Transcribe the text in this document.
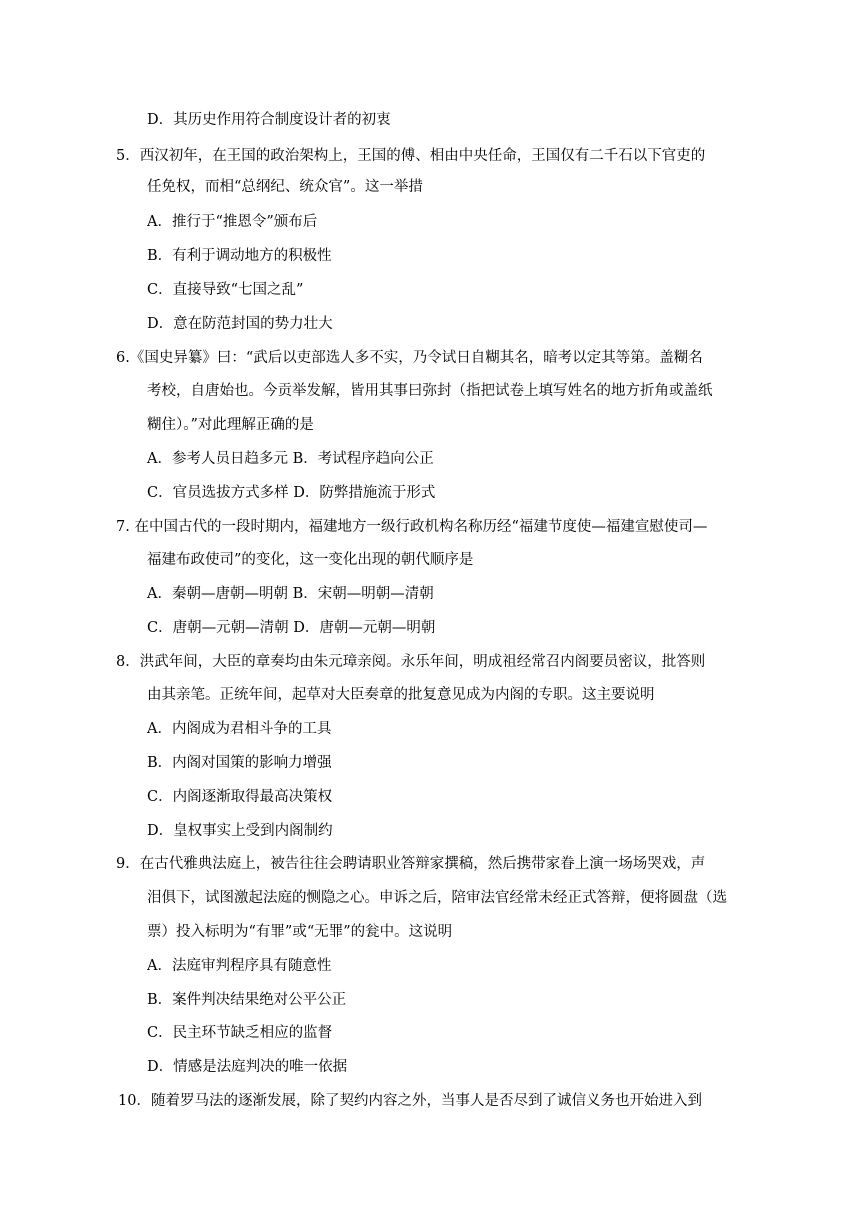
D．其历史作用符合制度设计者的初衷
5．西汉初年，在王国的政治架构上，王国的傅、相由中央任命，王国仅有二千石以下官吏的
任免权，而相“总纲纪、统众官”。这一举措
A．推行于“推恩令”颁布后
B．有利于调动地方的积极性
C．直接导致“七国之乱”
D．意在防范封国的势力壮大
6.《国史异纂》曰：“武后以吏部选人多不实，乃令试日自糊其名，暗考以定其等第。盖糊名
考校，自唐始也。今贡举发解，皆用其事曰弥封（指把试卷上填写姓名的地方折角或盖纸
糊住）。”对此理解正确的是
A．参考人员日趋多元 B．考试程序趋向公正
C．官员选拔方式多样 D．防弊措施流于形式
7. 在中国古代的一段时期内，福建地方一级行政机构名称历经“福建节度使—福建宣慰使司—
福建布政使司”的变化，这一变化出现的朝代顺序是
A．秦朝—唐朝—明朝 B．宋朝—明朝—清朝
C．唐朝—元朝—清朝 D．唐朝—元朝—明朝
8．洪武年间，大臣的章奏均由朱元璋亲阅。永乐年间，明成祖经常召内阁要员密议，批答则
由其亲笔。正统年间，起草对大臣奏章的批复意见成为内阁的专职。这主要说明
A．内阁成为君相斗争的工具
B．内阁对国策的影响力增强
C．内阁逐渐取得最高决策权
D．皇权事实上受到内阁制约
9．在古代雅典法庭上，被告往往会聘请职业答辩家撰稿，然后携带家眷上演一场场哭戏，声
泪俱下，试图激起法庭的恻隐之心。申诉之后，陪审法官经常未经正式答辩，便将圆盘（选
票）投入标明为“有罪”或“无罪”的瓮中。这说明
A．法庭审判程序具有随意性
B．案件判决结果绝对公平公正
C．民主环节缺乏相应的监督
D．情感是法庭判决的唯一依据
10．随着罗马法的逐渐发展，除了契约内容之外，当事人是否尽到了诚信义务也开始进入到
